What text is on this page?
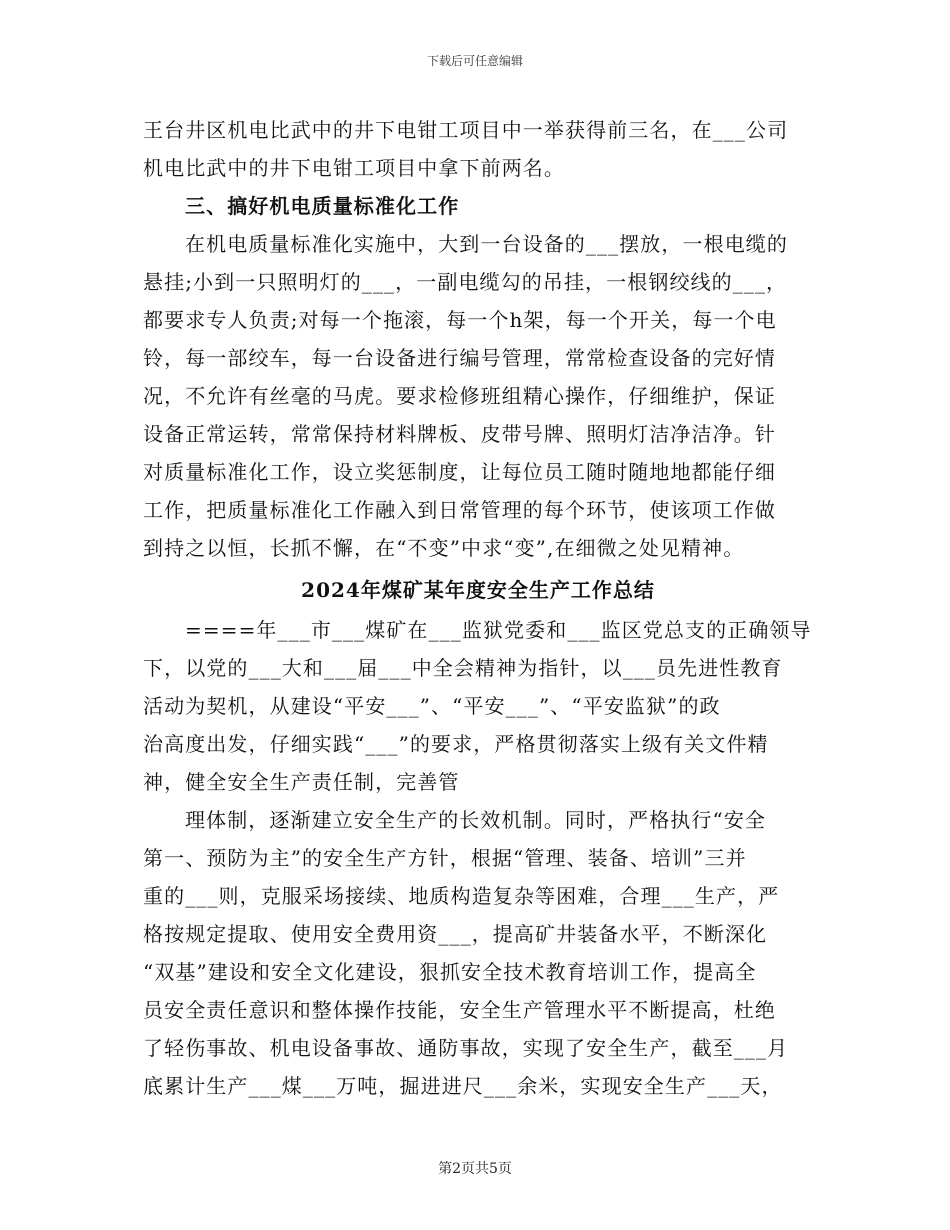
下载后可任意编辑
王台井区机电比武中的井下电钳工项目中一举获得前三名，在___公司
机电比武中的井下电钳工项目中拿下前两名。
三、搞好机电质量标准化工作
在机电质量标准化实施中，大到一台设备的___摆放，一根电缆的
悬挂;小到一只照明灯的___，一副电缆勾的吊挂，一根钢绞线的___，
都要求专人负责;对每一个拖滚，每一个h架，每一个开关，每一个电
铃，每一部绞车，每一台设备进行编号管理，常常检查设备的完好情
况，不允许有丝毫的马虎。要求检修班组精心操作，仔细维护，保证
设备正常运转，常常保持材料牌板、皮带号牌、照明灯洁净洁净。针
对质量标准化工作，设立奖惩制度，让每位员工随时随地地都能仔细
工作，把质量标准化工作融入到日常管理的每个环节，使该项工作做
到持之以恒，长抓不懈，在“不变”中求“变”,在细微之处见精神。
2024年煤矿某年度安全生产工作总结
====年___市___煤矿在___监狱党委和___监区党总支的正确领导
下，以党的___大和___届___中全会精神为指针，以___员先进性教育
活动为契机，从建设“平安___”、“平安___”、“平安监狱”的政
治高度出发，仔细实践“___”的要求，严格贯彻落实上级有关文件精
神，健全安全生产责任制，完善管
理体制，逐渐建立安全生产的长效机制。同时，严格执行“安全
第一、预防为主”的安全生产方针，根据“管理、装备、培训”三并
重的___则，克服采场接续、地质构造复杂等困难，合理___生产，严
格按规定提取、使用安全费用资___，提高矿井装备水平，不断深化
“双基”建设和安全文化建设，狠抓安全技术教育培训工作，提高全
员安全责任意识和整体操作技能，安全生产管理水平不断提高，杜绝
了轻伤事故、机电设备事故、通防事故，实现了安全生产，截至___月
底累计生产___煤___万吨，掘进进尺___余米，实现安全生产___天，
第2页共5页
